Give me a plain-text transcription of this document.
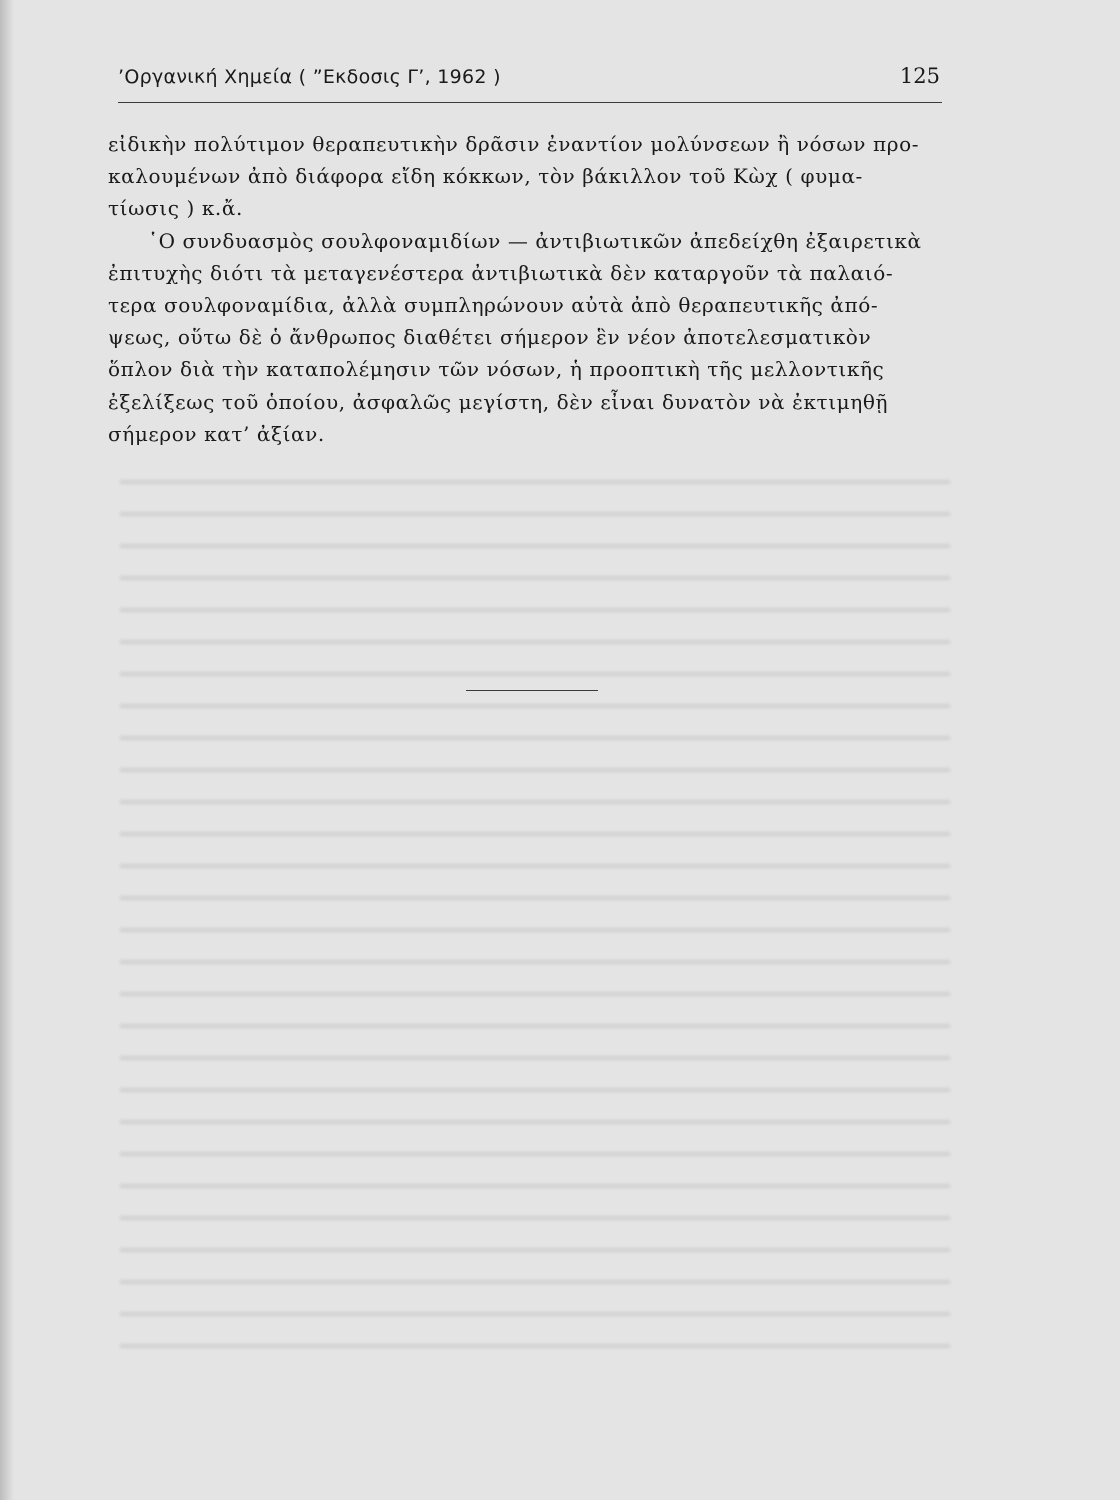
’Οργανική Χημεία ( ”Εκδοσις Γ’, 1962 )	125

εἰδικὴν πολύτιμον θεραπευτικὴν δρᾶσιν ἐναντίον μολύνσεων ἢ νόσων προ-
καλουμένων ἀπὸ διάφορα εἴδη κόκκων, τὸν βάκιλλον τοῦ Κὼχ ( φυμα-
τίωσις ) κ.ἄ.

῾Ο συνδυασμὸς σουλφοναμιδίων — ἀντιβιωτικῶν ἀπεδείχθη ἐξαιρετικὰ
ἐπιτυχὴς διότι τὰ μεταγενέστερα ἀντιβιωτικὰ δὲν καταργοῦν τὰ παλαιό-
τερα σουλφοναμίδια, ἀλλὰ συμπληρώνουν αὐτὰ ἀπὸ θεραπευτικῆς ἀπό-
ψεως, οὕτω δὲ ὁ ἄνθρωπος διαθέτει σήμερον ἓν νέον ἀποτελεσματικὸν
ὅπλον διὰ τὴν καταπολέμησιν τῶν νόσων, ἡ προοπτικὴ τῆς μελλοντικῆς
ἐξελίξεως τοῦ ὁποίου, ἀσφαλῶς μεγίστη, δὲν εἶναι δυνατὸν νὰ ἐκτιμηθῇ
σήμερον κατ’ ἀξίαν.
